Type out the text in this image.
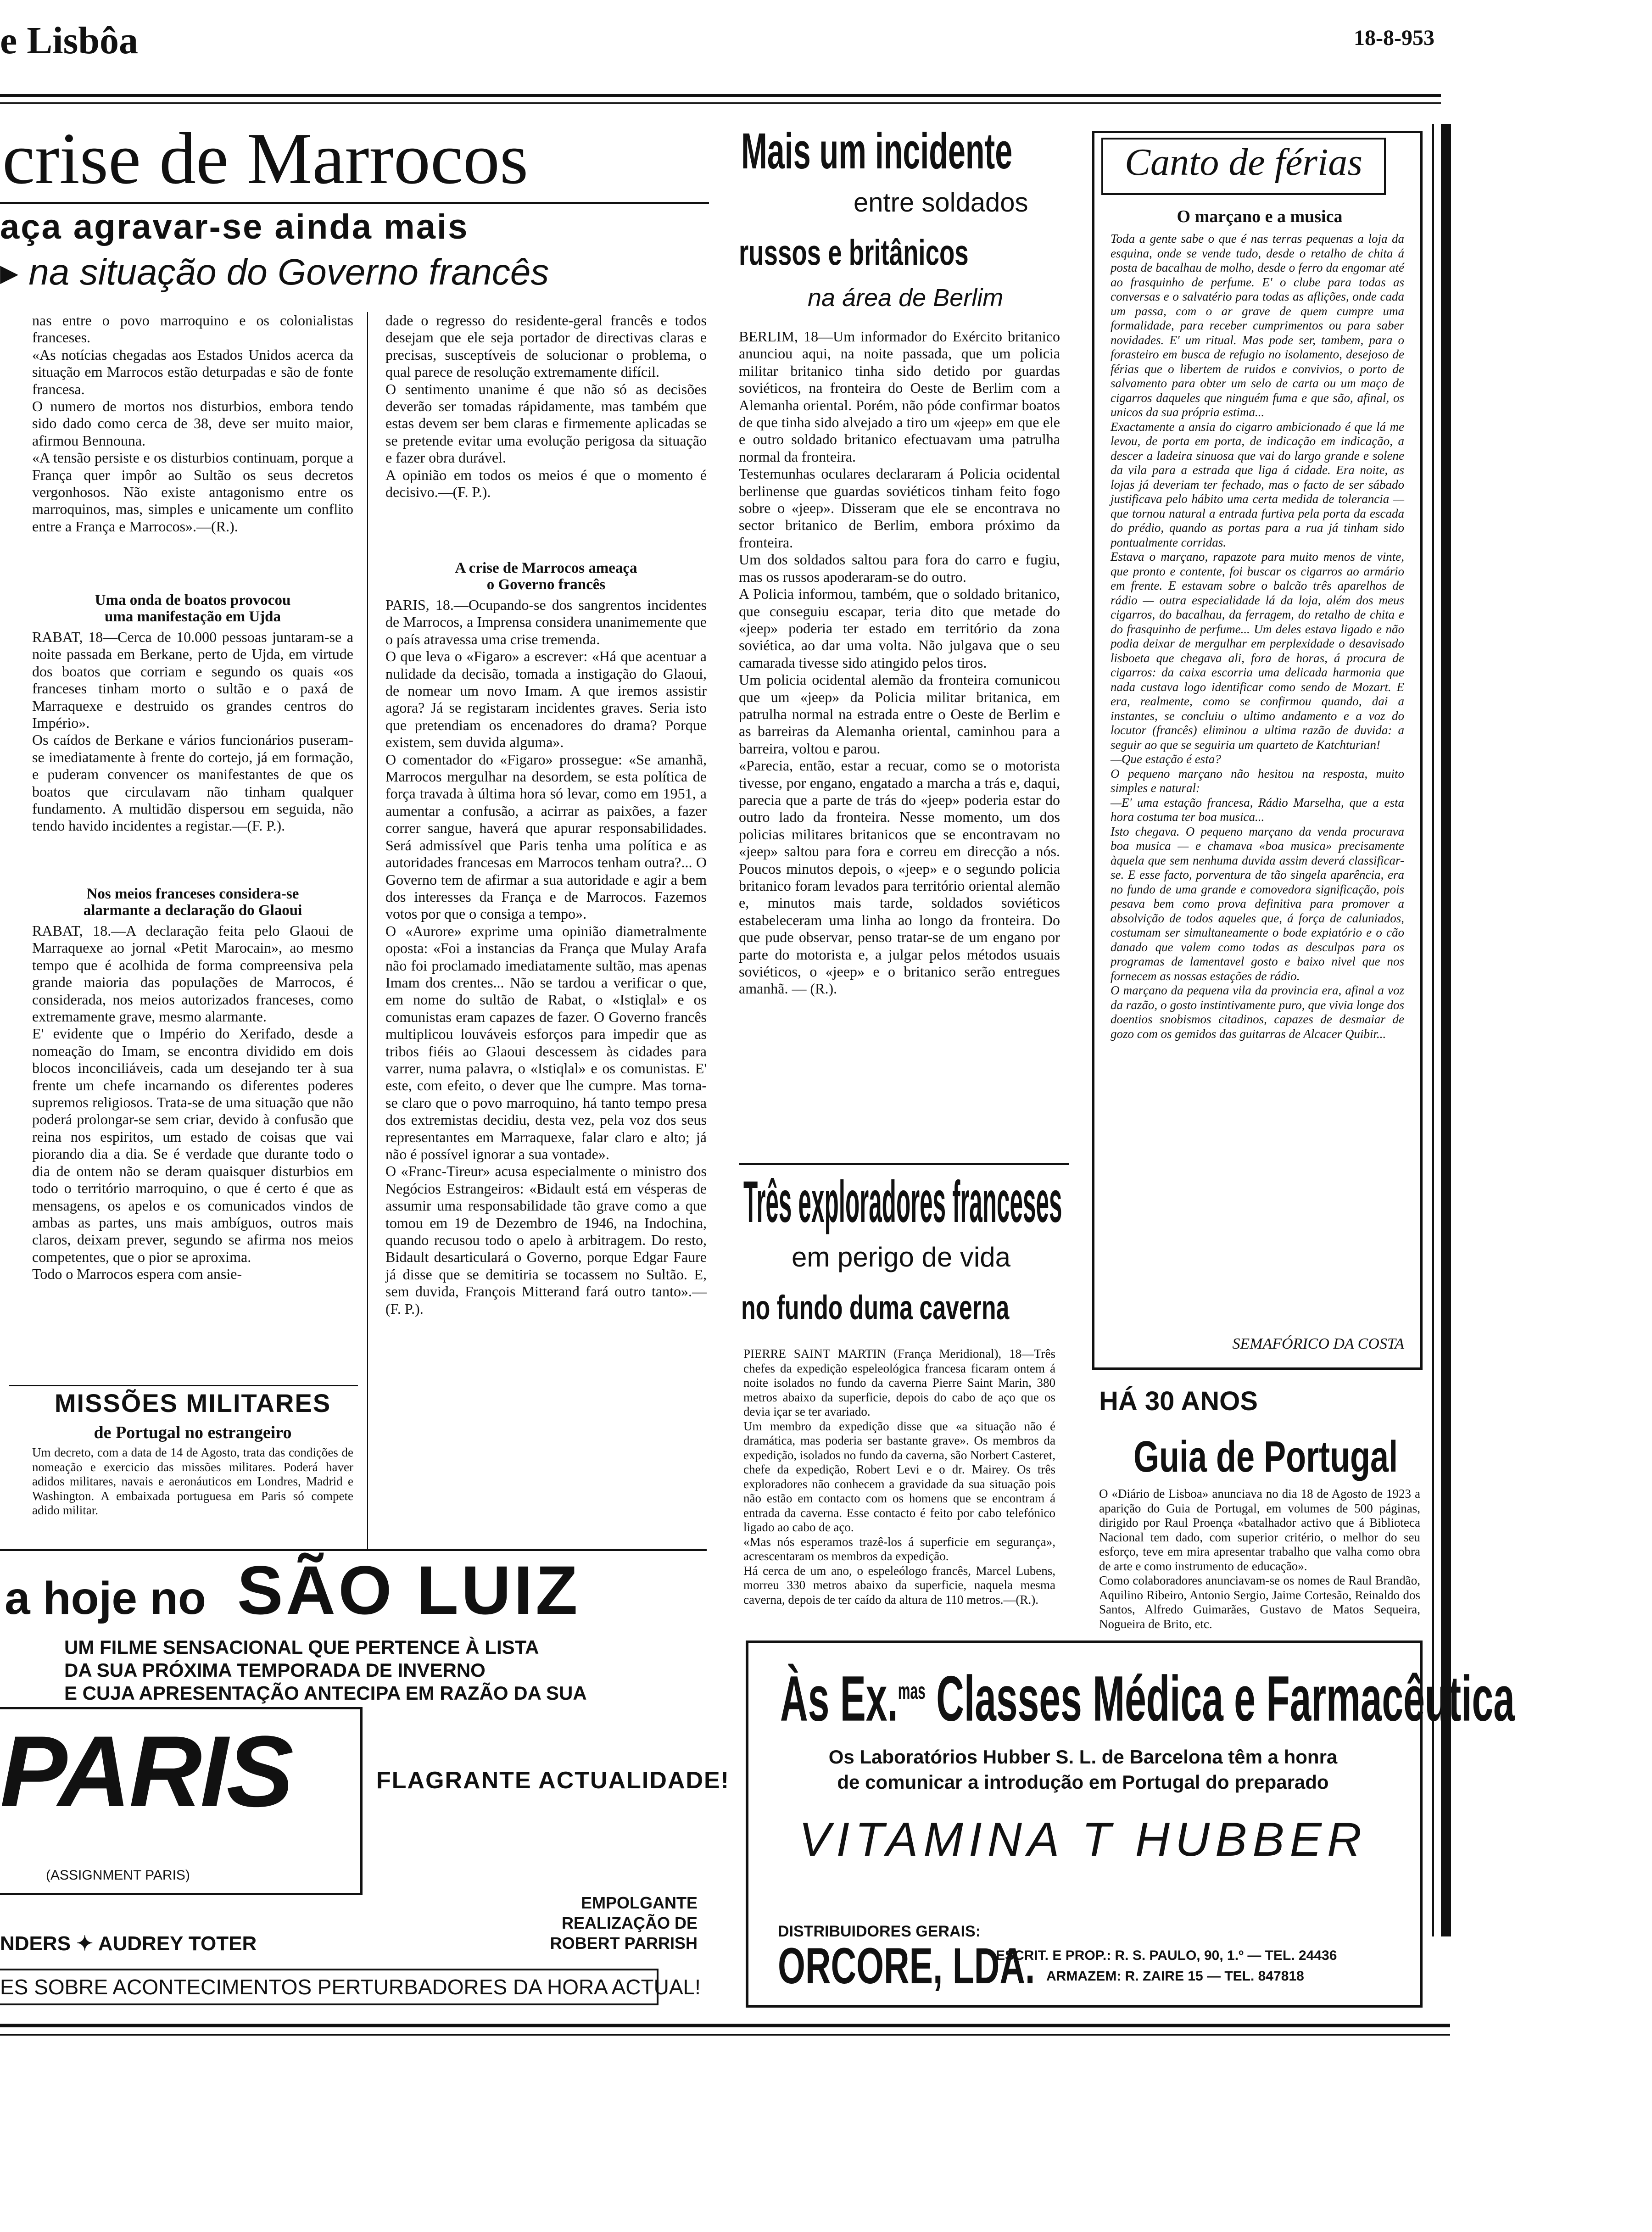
e Lisbôa	18-8-953
crise de Marrocos
aça agravar-se ainda mais
▸ na situação do Governo francês
nas entre o povo marroquino e os colonialistas franceses.
«As notícias chegadas aos Estados Unidos acerca da situação em Marrocos estão deturpadas e são de fonte francesa.
O numero de mortos nos disturbios, embora tendo sido dado como cerca de 38, deve ser muito maior, afirmou Bennouna.
«A tensão persiste e os disturbios continuam, porque a França quer impôr ao Sultão os seus decretos vergonhosos. Não existe antagonismo entre os marroquinos, mas, simples e unicamente um conflito entre a França e Marrocos».—(R.).
Uma onda de boatos provocou
uma manifestação em Ujda
RABAT, 18—Cerca de 10.000 pessoas juntaram-se a noite passada em Berkane, perto de Ujda, em virtude dos boatos que corriam e segundo os quais «os franceses tinham morto o sultão e o paxá de Marraquexe e destruido os grandes centros do Império».
Os caídos de Berkane e vários funcionários puseram-se imediatamente à frente do cortejo, já em formação, e puderam convencer os manifestantes de que os boatos que circulavam não tinham qualquer fundamento. A multidão dispersou em seguida, não tendo havido incidentes a registar.—(F. P.).
Nos meios franceses considera-se
alarmante a declaração do Glaoui
RABAT, 18.—A declaração feita pelo Glaoui de Marraquexe ao jornal «Petit Marocain», ao mesmo tempo que é acolhida de forma compreensiva pela grande maioria das populações de Marrocos, é considerada, nos meios autorizados franceses, como extremamente grave, mesmo alarmante.
E' evidente que o Império do Xerifado, desde a nomeação do Imam, se encontra dividido em dois blocos inconciliáveis, cada um desejando ter à sua frente um chefe incarnando os diferentes poderes supremos religiosos. Trata-se de uma situação que não poderá prolongar-se sem criar, devido à confusão que reina nos espiritos, um estado de coisas que vai piorando dia a dia. Se é verdade que durante todo o dia de ontem não se deram quaisquer disturbios em todo o território marroquino, o que é certo é que as mensagens, os apelos e os comunicados vindos de ambas as partes, uns mais ambíguos, outros mais claros, deixam prever, segundo se afirma nos meios competentes, que o pior se aproxima.
Todo o Marrocos espera com ansie-
dade o regresso do residente-geral francês e todos desejam que ele seja portador de directivas claras e precisas, susceptíveis de solucionar o problema, o qual parece de resolução extremamente difícil.
O sentimento unanime é que não só as decisões deverão ser tomadas rápidamente, mas também que estas devem ser bem claras e firmemente aplicadas se se pretende evitar uma evolução perigosa da situação e fazer obra durável.
A opinião em todos os meios é que o momento é decisivo.—(F. P.).
A crise de Marrocos ameaça
o Governo francês
PARIS, 18.—Ocupando-se dos sangrentos incidentes de Marrocos, a Imprensa considera unanimemente que o país atravessa uma crise tremenda.
O que leva o «Figaro» a escrever: «Há que acentuar a nulidade da decisão, tomada a instigação do Glaoui, de nomear um novo Imam. A que iremos assistir agora? Já se registaram incidentes graves. Seria isto que pretendiam os encenadores do drama? Porque existem, sem duvida alguma».
O comentador do «Figaro» prossegue: «Se amanhã, Marrocos mergulhar na desordem, se esta política de força travada à última hora só levar, como em 1951, a aumentar a confusão, a acirrar as paixões, a fazer correr sangue, haverá que apurar responsabilidades. Será admissível que Paris tenha uma política e as autoridades francesas em Marrocos tenham outra?... O Governo tem de afirmar a sua autoridade e agir a bem dos interesses da França e de Marrocos. Fazemos votos por que o consiga a tempo».
O «Aurore» exprime uma opinião diametralmente oposta: «Foi a instancias da França que Mulay Arafa não foi proclamado imediatamente sultão, mas apenas Imam dos crentes... Não se tardou a verificar o que, em nome do sultão de Rabat, o «Istiqlal» e os comunistas eram capazes de fazer. O Governo francês multiplicou louváveis esforços para impedir que as tribos fiéis ao Glaoui descessem às cidades para varrer, numa palavra, o «Istiqlal» e os comunistas. E' este, com efeito, o dever que lhe cumpre. Mas torna-se claro que o povo marroquino, há tanto tempo presa dos extremistas decidiu, desta vez, pela voz dos seus representantes em Marraquexe, falar claro e alto; já não é possível ignorar a sua vontade».
O «Franc-Tireur» acusa especialmente o ministro dos Negócios Estrangeiros: «Bidault está em vésperas de assumir uma responsabilidade tão grave como a que tomou em 19 de Dezembro de 1946, na Indochina, quando recusou todo o apelo à arbitragem. Do resto, Bidault desarticulará o Governo, porque Edgar Faure já disse que se demitiria se tocassem no Sultão. E, sem duvida, François Mitterand fará outro tanto».—(F. P.).
MISSÕES MILITARES
de Portugal no estrangeiro
Um decreto, com a data de 14 de Agosto, trata das condições de nomeação e exercicio das missões militares. Poderá haver adidos militares, navais e aeronáuticos em Londres, Madrid e Washington. A embaixada portuguesa em Paris só compete adido militar.
Mais um incidente
entre soldados
russos e britânicos
na área de Berlim
BERLIM, 18—Um informador do Exército britanico anunciou aqui, na noite passada, que um policia militar britanico tinha sido detido por guardas soviéticos, na fronteira do Oeste de Berlim com a Alemanha oriental. Porém, não póde confirmar boatos de que tinha sido alvejado a tiro um «jeep» em que ele e outro soldado britanico efectuavam uma patrulha normal da fronteira.
Testemunhas oculares declararam á Policia ocidental berlinense que guardas soviéticos tinham feito fogo sobre o «jeep». Disseram que ele se encontrava no sector britanico de Berlim, embora próximo da fronteira.
Um dos soldados saltou para fora do carro e fugiu, mas os russos apoderaram-se do outro.
A Policia informou, também, que o soldado britanico, que conseguiu escapar, teria dito que metade do «jeep» poderia ter estado em território da zona soviética, ao dar uma volta. Não julgava que o seu camarada tivesse sido atingido pelos tiros.
Um policia ocidental alemão da fronteira comunicou que um «jeep» da Policia militar britanica, em patrulha normal na estrada entre o Oeste de Berlim e as barreiras da Alemanha oriental, caminhou para a barreira, voltou e parou.
«Parecia, então, estar a recuar, como se o motorista tivesse, por engano, engatado a marcha a trás e, daqui, parecia que a parte de trás do «jeep» poderia estar do outro lado da fronteira. Nesse momento, um dos policias militares britanicos que se encontravam no «jeep» saltou para fora e correu em direcção a nós. Poucos minutos depois, o «jeep» e o segundo policia britanico foram levados para território oriental alemão e, minutos mais tarde, soldados soviéticos estabeleceram uma linha ao longo da fronteira. Do que pude observar, penso tratar-se de um engano por parte do motorista e, a julgar pelos métodos usuais soviéticos, o «jeep» e o britanico serão entregues amanhã. — (R.).
Três exploradores franceses
em perigo de vida
no fundo duma caverna
PIERRE SAINT MARTIN (França Meridional), 18—Três chefes da expedição espeleológica francesa ficaram ontem á noite isolados no fundo da caverna Pierre Saint Marin, 380 metros abaixo da superficie, depois do cabo de aço que os devia içar se ter avariado.
Um membro da expedição disse que «a situação não é dramática, mas poderia ser bastante grave». Os membros da expedição, isolados no fundo da caverna, são Norbert Casteret, chefe da expedição, Robert Levi e o dr. Mairey. Os três exploradores não conhecem a gravidade da sua situação pois não estão em contacto com os homens que se encontram á entrada da caverna. Esse contacto é feito por cabo telefónico ligado ao cabo de aço.
«Mas nós esperamos trazê-los á superficie em segurança», acrescentaram os membros da expedição.
Há cerca de um ano, o espeleólogo francês, Marcel Lubens, morreu 330 metros abaixo da superficie, naquela mesma caverna, depois de ter caído da altura de 110 metros.—(R.).
Canto de férias
O marçano e a musica
Toda a gente sabe o que é nas terras pequenas a loja da esquina, onde se vende tudo, desde o retalho de chita á posta de bacalhau de molho, desde o ferro da engomar até ao frasquinho de perfume. E' o clube para todas as conversas e o salvatério para todas as aflições, onde cada um passa, com o ar grave de quem cumpre uma formalidade, para receber cumprimentos ou para saber novidades. E' um ritual. Mas pode ser, tambem, para o forasteiro em busca de refugio no isolamento, desejoso de férias que o libertem de ruidos e convivios, o porto de salvamento para obter um selo de carta ou um maço de cigarros daqueles que ninguém fuma e que são, afinal, os unicos da sua própria estima...
Exactamente a ansia do cigarro ambicionado é que lá me levou, de porta em porta, de indicação em indicação, a descer a ladeira sinuosa que vai do largo grande e solene da vila para a estrada que liga á cidade. Era noite, as lojas já deveriam ter fechado, mas o facto de ser sábado justificava pelo hábito uma certa medida de tolerancia — que tornou natural a entrada furtiva pela porta da escada do prédio, quando as portas para a rua já tinham sido pontualmente corridas.
Estava o marçano, rapazote para muito menos de vinte, que pronto e contente, foi buscar os cigarros ao armário em frente. E estavam sobre o balcão três aparelhos de rádio — outra especialidade lá da loja, além dos meus cigarros, do bacalhau, da ferragem, do retalho de chita e do frasquinho de perfume... Um deles estava ligado e não podia deixar de mergulhar em perplexidade o desavisado lisboeta que chegava ali, fora de horas, á procura de cigarros: da caixa escorria uma delicada harmonia que nada custava logo identificar como sendo de Mozart. E era, realmente, como se confirmou quando, dai a instantes, se concluiu o ultimo andamento e a voz do locutor (francês) eliminou a ultima razão de duvida: a seguir ao que se seguiria um quarteto de Katchturian!
—Que estação é esta?
O pequeno marçano não hesitou na resposta, muito simples e natural:
—E' uma estação francesa, Rádio Marselha, que a esta hora costuma ter boa musica...
Isto chegava. O pequeno marçano da venda procurava boa musica — e chamava «boa musica» precisamente àquela que sem nenhuma duvida assim deverá classificar-se. E esse facto, porventura de tão singela aparência, era no fundo de uma grande e comovedora significação, pois pesava bem como prova definitiva para promover a absolvição de todos aqueles que, á força de caluniados, costumam ser simultaneamente o bode expiatório e o cão danado que valem como todas as desculpas para os programas de lamentavel gosto e baixo nivel que nos fornecem as nossas estações de rádio.
O marçano da pequena vila da provincia era, afinal a voz da razão, o gosto instintivamente puro, que vivia longe dos doentios snobismos citadinos, capazes de desmaiar de gozo com os gemidos das guitarras de Alcacer Quibir...
SEMAFÓRICO DA COSTA
HÁ 30 ANOS
Guia de Portugal
O «Diário de Lisboa» anunciava no dia 18 de Agosto de 1923 a aparição do Guia de Portugal, em volumes de 500 páginas, dirigido por Raul Proença «batalhador activo que á Biblioteca Nacional tem dado, com superior critério, o melhor do seu esforço, teve em mira apresentar trabalho que valha como obra de arte e como instrumento de educação».
Como colaboradores anunciavam-se os nomes de Raul Brandão, Aquilino Ribeiro, Antonio Sergio, Jaime Cortesão, Reinaldo dos Santos, Alfredo Guimarães, Gustavo de Matos Sequeira, Nogueira de Brito, etc.
a hoje no SÃO LUIZ
UM FILME SENSACIONAL QUE PERTENCE À LISTA
DA SUA PRÓXIMA TEMPORADA DE INVERNO
E CUJA APRESENTAÇÃO ANTECIPA EM RAZÃO DA SUA
PARIS
(ASSIGNMENT PARIS)
FLAGRANTE ACTUALIDADE!
EMPOLGANTE
REALIZAÇÃO DE
ROBERT PARRISH
NDERS ✦ AUDREY TOTER
ES SOBRE ACONTECIMENTOS PERTURBADORES DA HORA ACTUAL!
Às Ex.$^{mas}$ Classes Médica e Farmacêutica
Os Laboratórios Hubber S. L. de Barcelona têm a honra
de comunicar a introdução em Portugal do preparado
VITAMINA T HUBBER
DISTRIBUIDORES GERAIS:
ORCORE, LDA.
ESCRIT. E PROP.: R. S. PAULO, 90, 1.º — TEL. 24436
ARMAZEM: R. ZAIRE 15 — TEL. 847818
